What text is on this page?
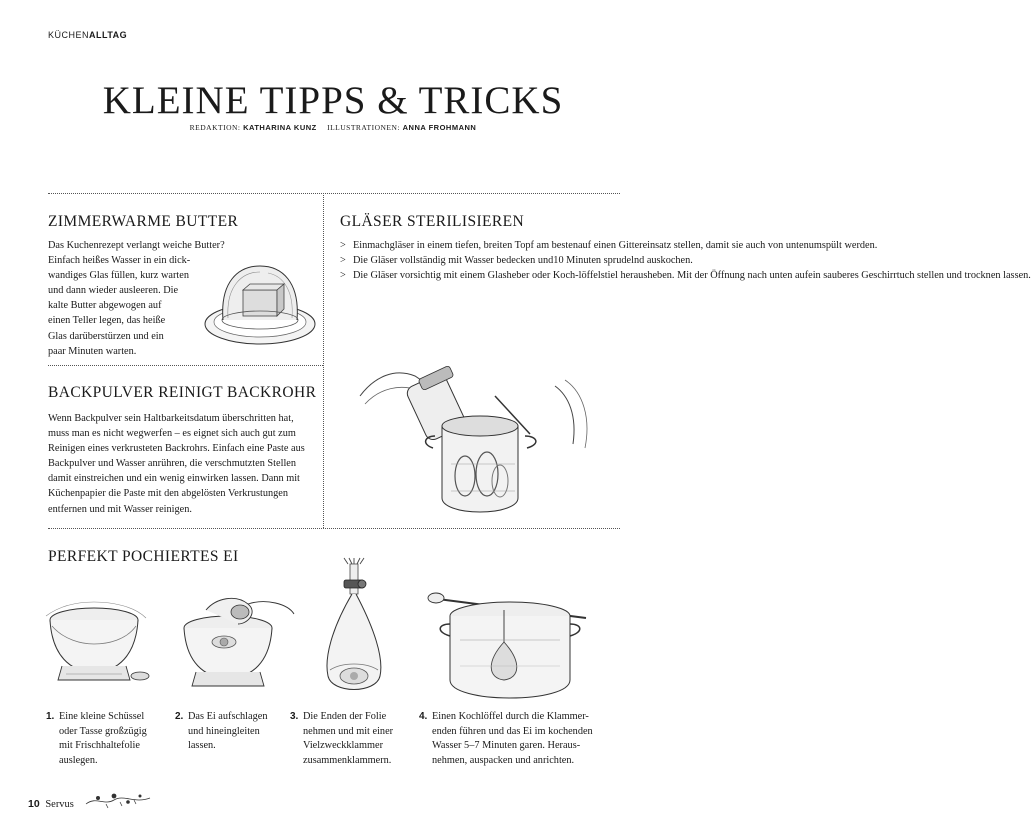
KÜCHENALLTAG
KLEINE TIPPS & TRICKS
REDAKTION: KATHARINA KUNZ ILLUSTRATIONEN: ANNA FROHMANN
ZIMMERWARME BUTTER
Das Kuchenrezept verlangt weiche Butter?
Einfach heißes Wasser in ein dick-
wandiges Glas füllen, kurz warten
und dann wieder ausleeren. Die
kalte Butter abgewogen auf
einen Teller legen, das heiße
Glas darüberstürzen und ein
paar Minuten warten.
GLÄSER STERILISIEREN
> Einmachgläser in einem tiefen, breiten Topf am bestenauf einen Gittereinsatz stellen, damit sie auch von untenumspült werden.
> Die Gläser vollständig mit Wasser bedecken und10 Minuten sprudelnd auskochen.
> Die Gläser vorsichtig mit einem Glasheber oder Koch-löffelstiel herausheben. Mit der Öffnung nach unten aufein sauberes Geschirrtuch stellen und trocknen lassen.
BACKPULVER REINIGT BACKROHR
Wenn Backpulver sein Haltbarkeitsdatum überschritten hat,
muss man es nicht wegwerfen – es eignet sich auch gut zum
Reinigen eines verkrusteten Backrohrs. Einfach eine Paste aus
Backpulver und Wasser anrühren, die verschmutzten Stellen
damit einstreichen und ein wenig einwirken lassen. Dann mit
Küchenpapier die Paste mit den abgelösten Verkrustungen
entfernen und mit Wasser reinigen.
PERFEKT POCHIERTES EI
1. Eine kleine Schüssel
oder Tasse großzügig
mit Frischhaltefolie
auslegen.
2. Das Ei aufschlagen
und hineingleiten
lassen.
3. Die Enden der Folie
nehmen und mit einer
Vielzweckklammer
zusammenklammern.
4. Einen Kochlöffel durch die Klammer-
enden führen und das Ei im kochenden
Wasser 5–7 Minuten garen. Heraus-
nehmen, auspacken und anrichten.
10 Servus
